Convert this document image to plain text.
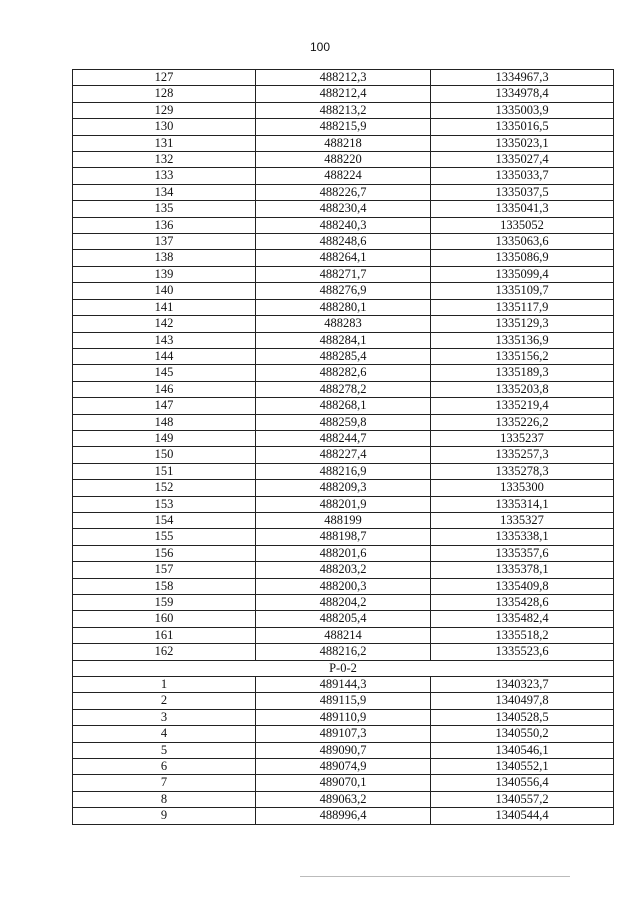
100
127	488212,3	1334967,3
128	488212,4	1334978,4
129	488213,2	1335003,9
130	488215,9	1335016,5
131	488218	1335023,1
132	488220	1335027,4
133	488224	1335033,7
134	488226,7	1335037,5
135	488230,4	1335041,3
136	488240,3	1335052
137	488248,6	1335063,6
138	488264,1	1335086,9
139	488271,7	1335099,4
140	488276,9	1335109,7
141	488280,1	1335117,9
142	488283	1335129,3
143	488284,1	1335136,9
144	488285,4	1335156,2
145	488282,6	1335189,3
146	488278,2	1335203,8
147	488268,1	1335219,4
148	488259,8	1335226,2
149	488244,7	1335237
150	488227,4	1335257,3
151	488216,9	1335278,3
152	488209,3	1335300
153	488201,9	1335314,1
154	488199	1335327
155	488198,7	1335338,1
156	488201,6	1335357,6
157	488203,2	1335378,1
158	488200,3	1335409,8
159	488204,2	1335428,6
160	488205,4	1335482,4
161	488214	1335518,2
162	488216,2	1335523,6
Р-0-2		
1	489144,3	1340323,7
2	489115,9	1340497,8
3	489110,9	1340528,5
4	489107,3	1340550,2
5	489090,7	1340546,1
6	489074,9	1340552,1
7	489070,1	1340556,4
8	489063,2	1340557,2
9	488996,4	1340544,4
